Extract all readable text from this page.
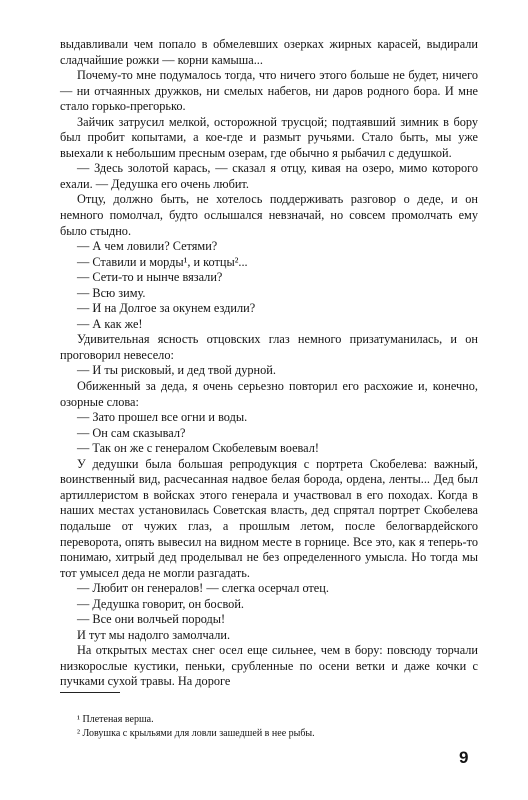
выдавливали чем попало в обмелевших озерках жирных карасей, выдирали сладчайшие рожки — корни камыша...

Почему-то мне подумалось тогда, что ничего этого больше не будет, ничего — ни отчаянных дружков, ни смелых набегов, ни даров родного бора. И мне стало горько-прегорько.

Зайчик затрусил мелкой, осторожной трусцой; подтаявший зимник в бору был пробит копытами, а кое-где и размыт ручьями. Стало быть, мы уже выехали к небольшим пресным озерам, где обычно я рыбачил с дедушкой.

— Здесь золотой карась, — сказал я отцу, кивая на озеро, мимо которого ехали. — Дедушка его очень любит.

Отцу, должно быть, не хотелось поддерживать разговор о деде, и он немного помолчал, будто ослышался невзначай, но совсем промолчать ему было стыдно.

— А чем ловили? Сетями?

— Ставили и морды¹, и котцы²...

— Сети-то и нынче вязали?

— Всю зиму.

— И на Долгое за окунем ездили?

— А как же!

Удивительная ясность отцовских глаз немного призатуманилась, и он проговорил невесело:

— И ты рисковый, и дед твой дурной.

Обиженный за деда, я очень серьезно повторил его расхожие и, конечно, озорные слова:

— Зато прошел все огни и воды.

— Он сам сказывал?

— Так он же с генералом Скобелевым воевал!

У дедушки была большая репродукция с портрета Скобелева: важный, воинственный вид, расчесанная надвое белая борода, ордена, ленты... Дед был артиллеристом в войсках этого генерала и участвовал в его походах. Когда в наших местах установилась Советская власть, дед спрятал портрет Скобелева подальше от чужих глаз, а прошлым летом, после белогвардейского переворота, опять вывесил на видном месте в горнице. Все это, как я теперь-то понимаю, хитрый дед проделывал не без определенного умысла. Но тогда мы тот умысел деда не могли разгадать.

— Любит он генералов! — слегка осерчал отец.

— Дедушка говорит, он босвой.

— Все они волчьей породы!

И тут мы надолго замолчали.

На открытых местах снег осел еще сильнее, чем в бору: повсюду торчали низкорослые кустики, пеньки, срубленные по осени ветки и даже кочки с пучками сухой травы. На дороге

¹ Плетеная верша.

² Ловушка с крыльями для ловли зашедшей в нее рыбы.

9
